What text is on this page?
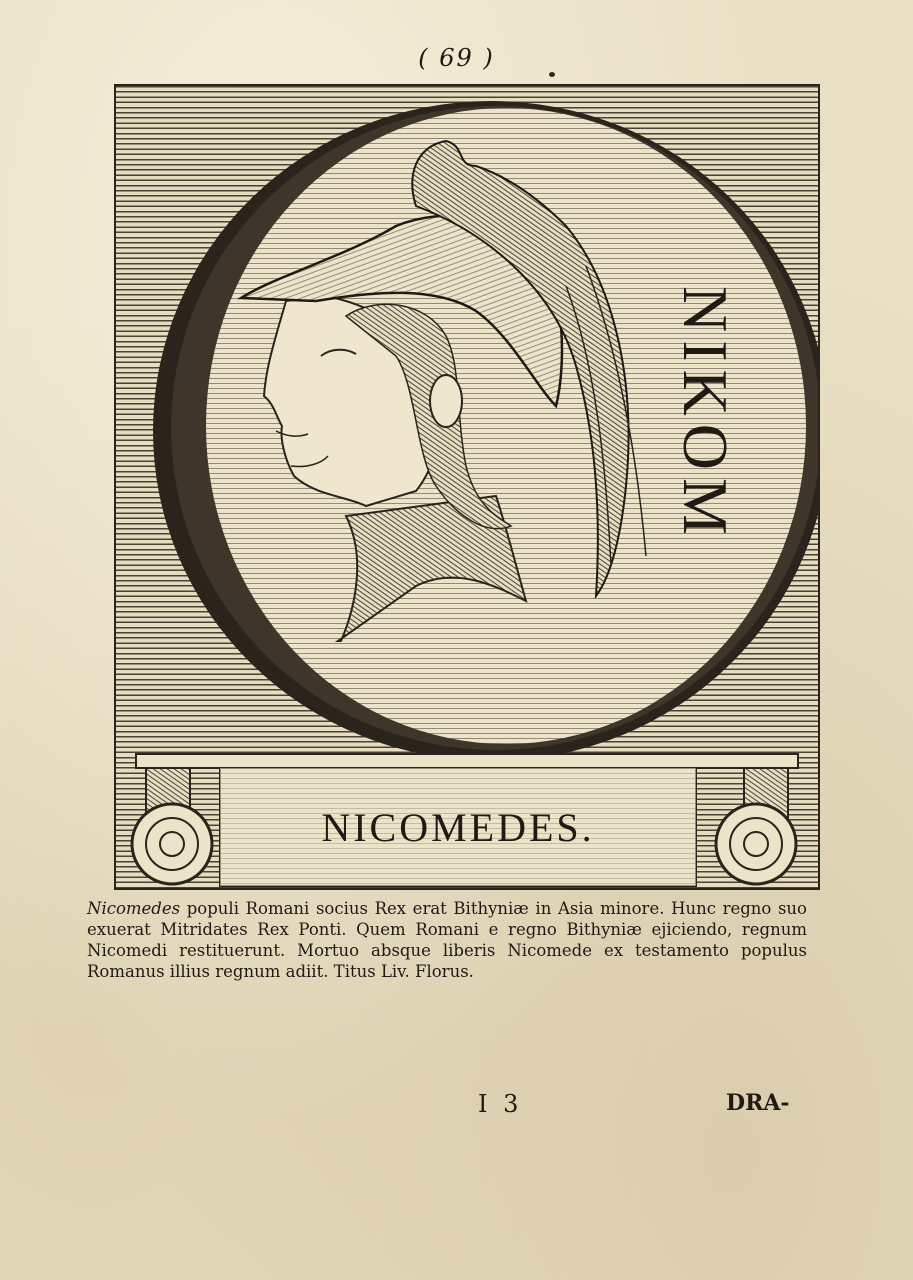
( 69 )
NIKOM
NICOMEDES.
Nicomedes populi Romani socius Rex erat Bithyniæ in Asia minore. Hunc regno suo exuerat Mitridates Rex Ponti. Quem Romani e regno Bithyniæ ejiciendo, regnum Nicomedi restituerunt. Mortuo absque liberis Nicomede ex testamento populus Romanus illius regnum adiit. Titus Liv. Florus.
I 3	DRA-
